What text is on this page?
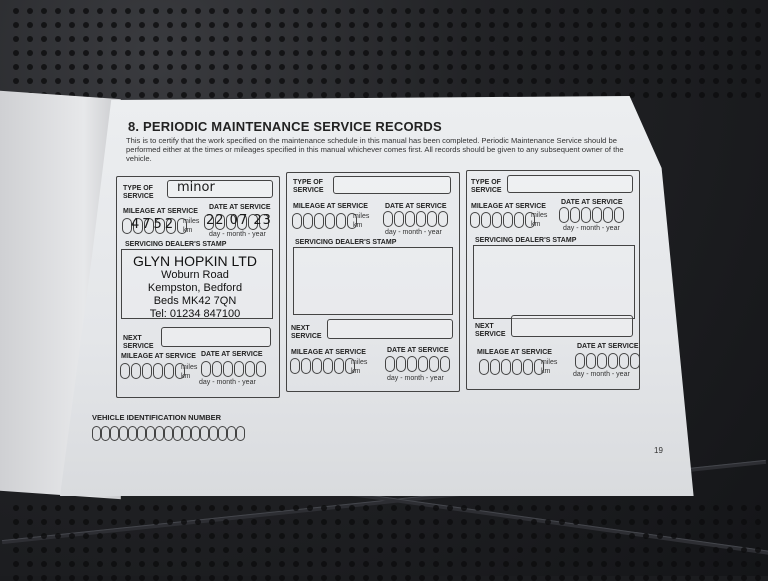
8. PERIODIC MAINTENANCE SERVICE RECORDS
This is to certify that the work specified on the maintenance schedule in this manual has been completed. Periodic Maintenance Service should be performed either at the times or mileages specified in this manual whichever comes first. All records should be given to any subsequent owner of the vehicle.
TYPE OF SERVICE
minor
MILEAGE AT SERVICE
DATE AT SERVICE
4752 miles
km
22 07 23
day - month - year
SERVICING DEALER'S STAMP
GLYN HOPKIN LTD
Woburn Road
Kempston, Bedford
Beds MK42 7QN
Tel: 01234 847100
NEXT SERVICE
MILEAGE AT SERVICE DATE AT SERVICE
miles
km
day - month - year
TYPE OF SERVICE
MILEAGE AT SERVICE DATE AT SERVICE
miles
km
day - month - year
SERVICING DEALER'S STAMP
NEXT SERVICE
MILEAGE AT SERVICE	DATE AT SERVICE
miles
km
day - month - year
TYPE OF SERVICE
MILEAGE AT SERVICE
DATE AT SERVICE
miles
km
day - month - year
SERVICING DEALER'S STAMP
NEXT SERVICE
MILEAGE AT SERVICE
DATE AT SERVICE
miles
km	day - month - year
VEHICLE IDENTIFICATION NUMBER
19
